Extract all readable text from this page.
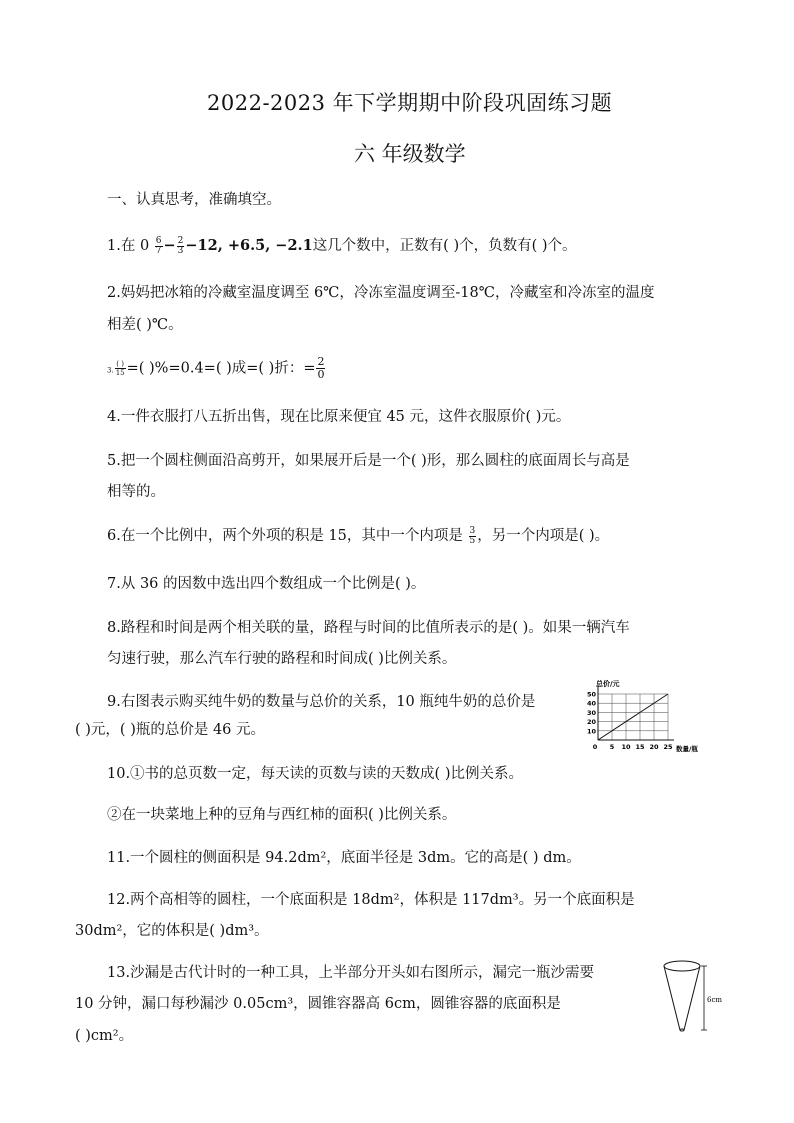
2022-2023 年下学期期中阶段巩固练习题
六 年级数学
一、认真思考，准确填空。
1.在 $0 \frac{6}{7} - \frac{2}{3} -12$, +6.5̇, −2.1这几个数中，正数有( )个，负数有( )个。
2.妈妈把冰箱的冷藏室温度调至 6℃，冷冻室温度调至-18℃，冷藏室和冷冻室的温度
相差( )℃。
3. $\frac{( )}{15}$ =( )%=0.4=( )成=( )折：= $\frac{2}{0}$
4.一件衣服打八五折出售，现在比原来便宜 45 元，这件衣服原价( )元。
5.把一个圆柱侧面沿高剪开，如果展开后是一个( )形，那么圆柱的底面周长与高是
相等的。
6.在一个比例中，两个外项的积是 15，其中一个内项是 $\frac{3}{5}$ ，另一个内项是( )。
7.从 36 的因数中选出四个数组成一个比例是( )。
8.路程和时间是两个相关联的量，路程与时间的比值所表示的是( )。如果一辆汽车
匀速行驶，那么汽车行驶的路程和时间成( )比例关系。
9.右图表示购买纯牛奶的数量与总价的关系，10 瓶纯牛奶的总价是
( )元，( )瓶的总价是 46 元。
5 10 15 20 25
0
10
20
30
40
50
总价/元
数量/瓶
10.①书的总页数一定，每天读的页数与读的天数成( )比例关系。
②在一块菜地上种的豆角与西红柿的面积( )比例关系。
11.一个圆柱的侧面积是 94.2dm²，底面半径是 3dm。它的高是( ) dm。
12.两个高相等的圆柱，一个底面积是 18dm²，体积是 117dm³。另一个底面积是
30dm²，它的体积是( )dm³。
13.沙漏是古代计时的一种工具，上半部分开头如右图所示，漏完一瓶沙需要
10 分钟，漏口每秒漏沙 0.05cm³，圆锥容器高 6cm，圆锥容器的底面积是
( )cm²。
6cm
